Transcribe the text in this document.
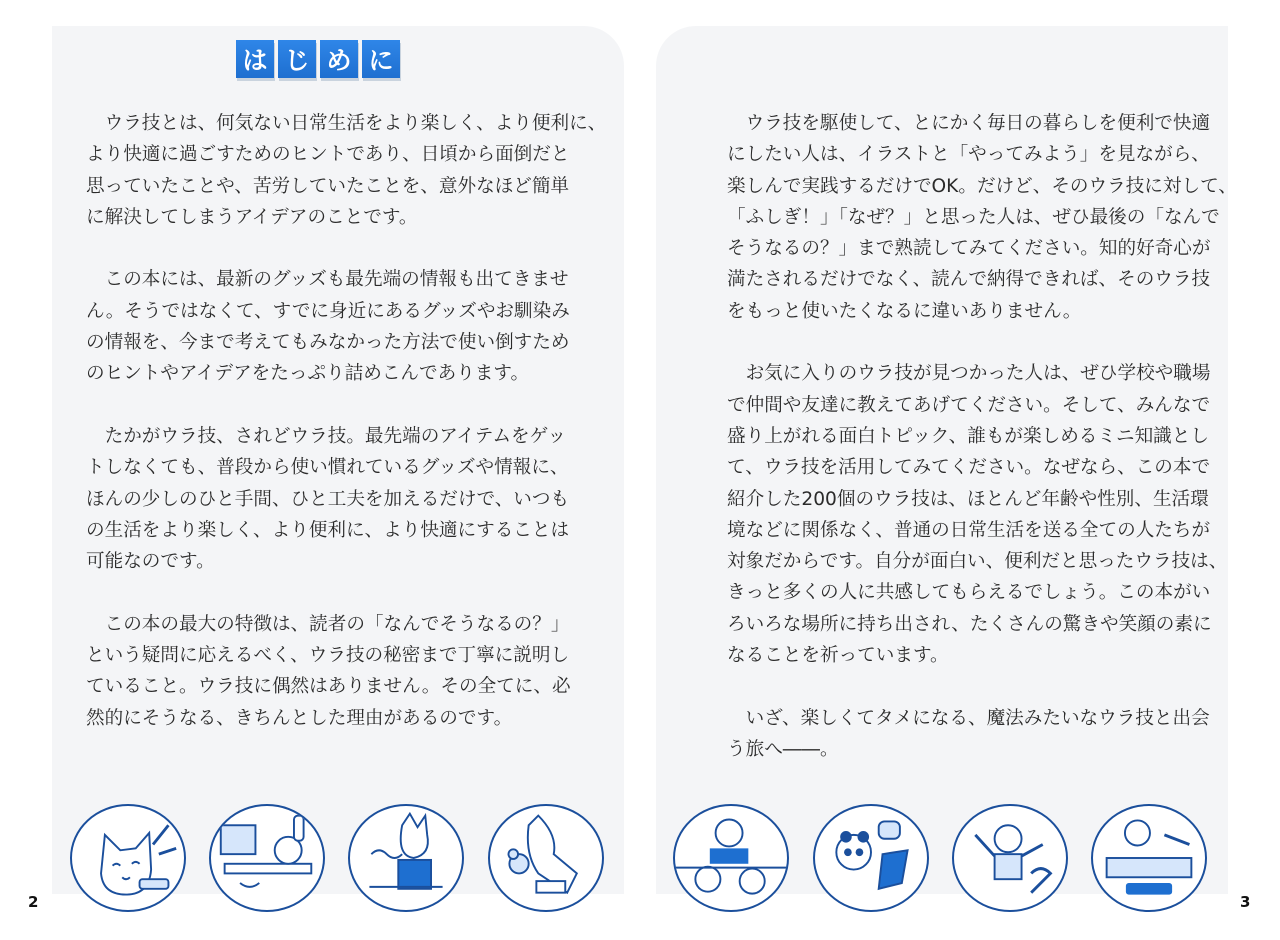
は じ め に
　ウラ技とは、何気ない日常生活をより楽しく、より便利に、
より快適に過ごすためのヒントであり、日頃から面倒だと
思っていたことや、苦労していたことを、意外なほど簡単
に解決してしまうアイデアのことです。
　この本には、最新のグッズも最先端の情報も出てきませ
ん。そうではなくて、すでに身近にあるグッズやお馴染み
の情報を、今まで考えてもみなかった方法で使い倒すため
のヒントやアイデアをたっぷり詰めこんであります。
　たかがウラ技、されどウラ技。最先端のアイテムをゲッ
トしなくても、普段から使い慣れているグッズや情報に、
ほんの少しのひと手間、ひと工夫を加えるだけで、いつも
の生活をより楽しく、より便利に、より快適にすることは
可能なのです。
　この本の最大の特徴は、読者の「なんでそうなるの？」
という疑問に応えるべく、ウラ技の秘密まで丁寧に説明し
ていること。ウラ技に偶然はありません。その全てに、必
然的にそうなる、きちんとした理由があるのです。
　ウラ技を駆使して、とにかく毎日の暮らしを便利で快適
にしたい人は、イラストと「やってみよう」を見ながら、
楽しんで実践するだけでOK。だけど、そのウラ技に対して、
「ふしぎ！」「なぜ？」と思った人は、ぜひ最後の「なんで
そうなるの？」まで熟読してみてください。知的好奇心が
満たされるだけでなく、読んで納得できれば、そのウラ技
をもっと使いたくなるに違いありません。
　お気に入りのウラ技が見つかった人は、ぜひ学校や職場
で仲間や友達に教えてあげてください。そして、みんなで
盛り上がれる面白トピック、誰もが楽しめるミニ知識とし
て、ウラ技を活用してみてください。なぜなら、この本で
紹介した200個のウラ技は、ほとんど年齢や性別、生活環
境などに関係なく、普通の日常生活を送る全ての人たちが
対象だからです。自分が面白い、便利だと思ったウラ技は、
きっと多くの人に共感してもらえるでしょう。この本がい
ろいろな場所に持ち出され、たくさんの驚きや笑顔の素に
なることを祈っています。
　いざ、楽しくてタメになる、魔法みたいなウラ技と出会
う旅へ――。
2	3
